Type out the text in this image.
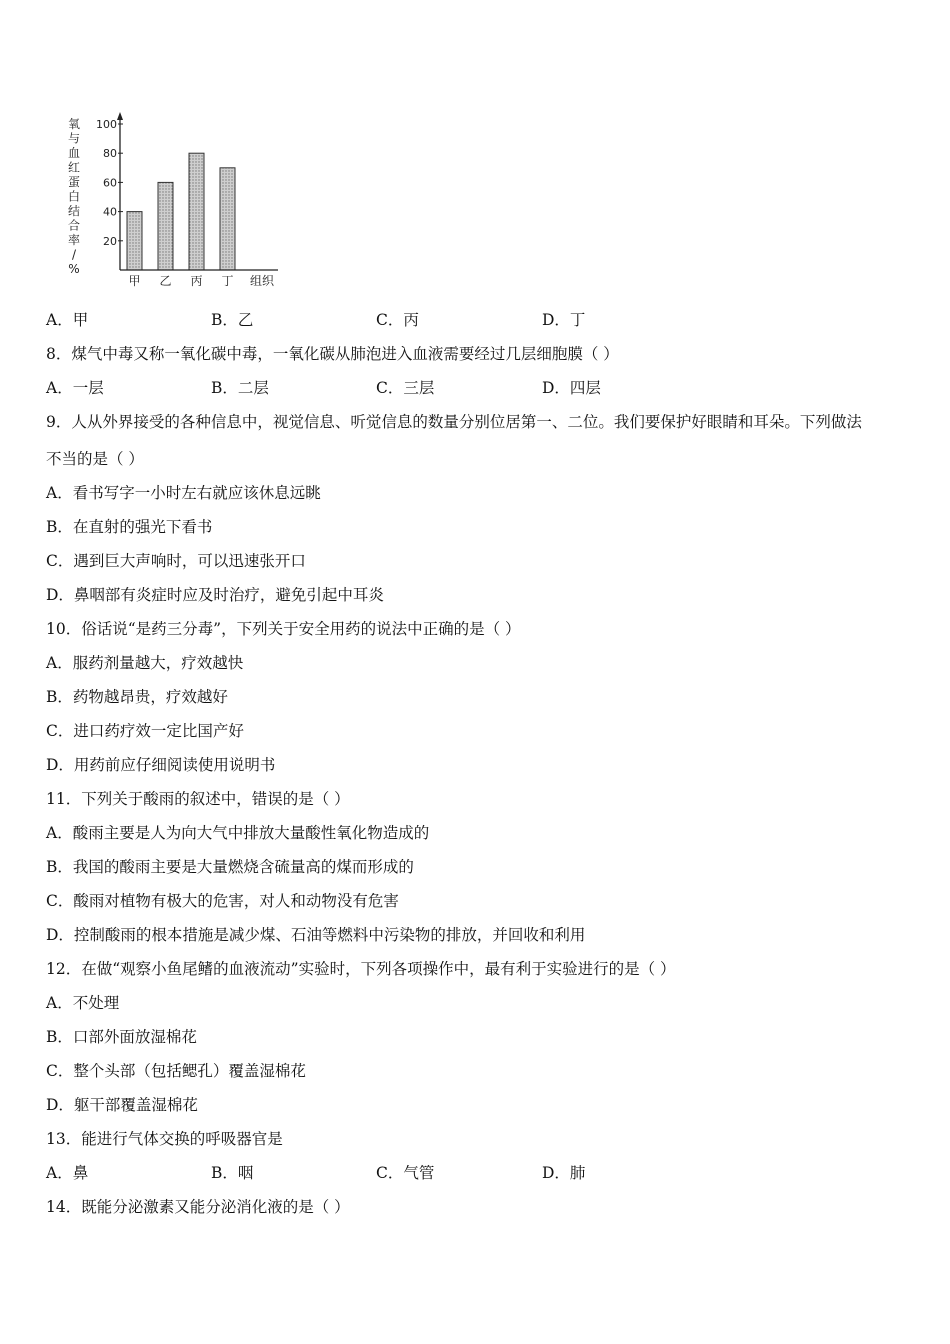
氧
与
血
红
蛋
白
结
合
率
/
%
20
40
60
80
100
甲 乙 丙 丁 组织
A．甲	B．乙	C．丙	D．丁
8．煤气中毒又称一氧化碳中毒，一氧化碳从肺泡进入血液需要经过几层细胞膜（ ）
A．一层	B．二层	C．三层	D．四层
9．人从外界接受的各种信息中，视觉信息、听觉信息的数量分别位居第一、二位。我们要保护好眼睛和耳朵。下列做法
不当的是（ ）
A．看书写字一小时左右就应该休息远眺
B．在直射的强光下看书
C．遇到巨大声响时，可以迅速张开口
D．鼻咽部有炎症时应及时治疗，避免引起中耳炎
10．俗话说“是药三分毒”，下列关于安全用药的说法中正确的是（ ）
A．服药剂量越大，疗效越快
B．药物越昂贵，疗效越好
C．进口药疗效一定比国产好
D．用药前应仔细阅读使用说明书
11．下列关于酸雨的叙述中，错误的是（ ）
A．酸雨主要是人为向大气中排放大量酸性氧化物造成的
B．我国的酸雨主要是大量燃烧含硫量高的煤而形成的
C．酸雨对植物有极大的危害，对人和动物没有危害
D．控制酸雨的根本措施是减少煤、石油等燃料中污染物的排放，并回收和利用
12．在做“观察小鱼尾鳍的血液流动”实验时，下列各项操作中，最有利于实验进行的是（ ）
A．不处理
B．口部外面放湿棉花
C．整个头部（包括鳃孔）覆盖湿棉花
D．躯干部覆盖湿棉花
13．能进行气体交换的呼吸器官是
A．鼻	B．咽	C．气管	D．肺
14．既能分泌激素又能分泌消化液的是（ ）
